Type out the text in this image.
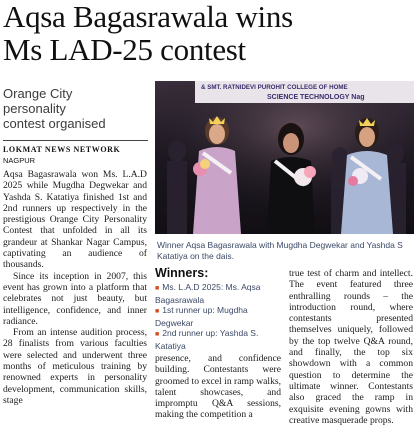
Aqsa Bagasrawala wins
Ms LAD-25 contest
Orange City
personality
contest organised
LOKMAT NEWS NETWORK
NAGPUR

Aqsa Bagasrawala won Ms. L.A.D 2025 while Mugdha Degwekar and Yashda S. Katatiya finished 1st and 2nd runners up respectively in the prestigious Orange City Personality Contest that unfolded in all its grandeur at Shankar Nagar Campus, captivating an audience of thousands.

Since its inception in 2007, this event has grown into a platform that celebrates not just beauty, but intelligence, confidence, and inner radiance.

From an intense audition process, 28 finalists from various faculties were selected and underwent three months of meticulous training by renowned experts in personality development, communication skills, stage

& SMT. RATNIDEVI PUROHIT COLLEGE OF HOME
SCIENCE TECHNOLOGY Nag
Winner Aqsa Bagasrawala with Mugdha Degwekar and Yashda S Katatiya on the dais.
Winners:
■ Ms. L.A.D 2025: Ms. Aqsa Bagasrawala
■ 1st runner up: Mugdha Degwekar
■ 2nd runner up: Yashda S. Katatiya

presence, and confidence building. Contestants were groomed to excel in ramp walks, talent showcases, and impromptu Q&A sessions, making the competition a

true test of charm and intellect. The event featured three enthralling rounds – the introduction round, where contestants presented themselves uniquely, followed by the top twelve Q&A round, and finally, the top six showdown with a common question to determine the ultimate winner. Contestants also graced the ramp in exquisite evening gowns with creative masquerade props.
